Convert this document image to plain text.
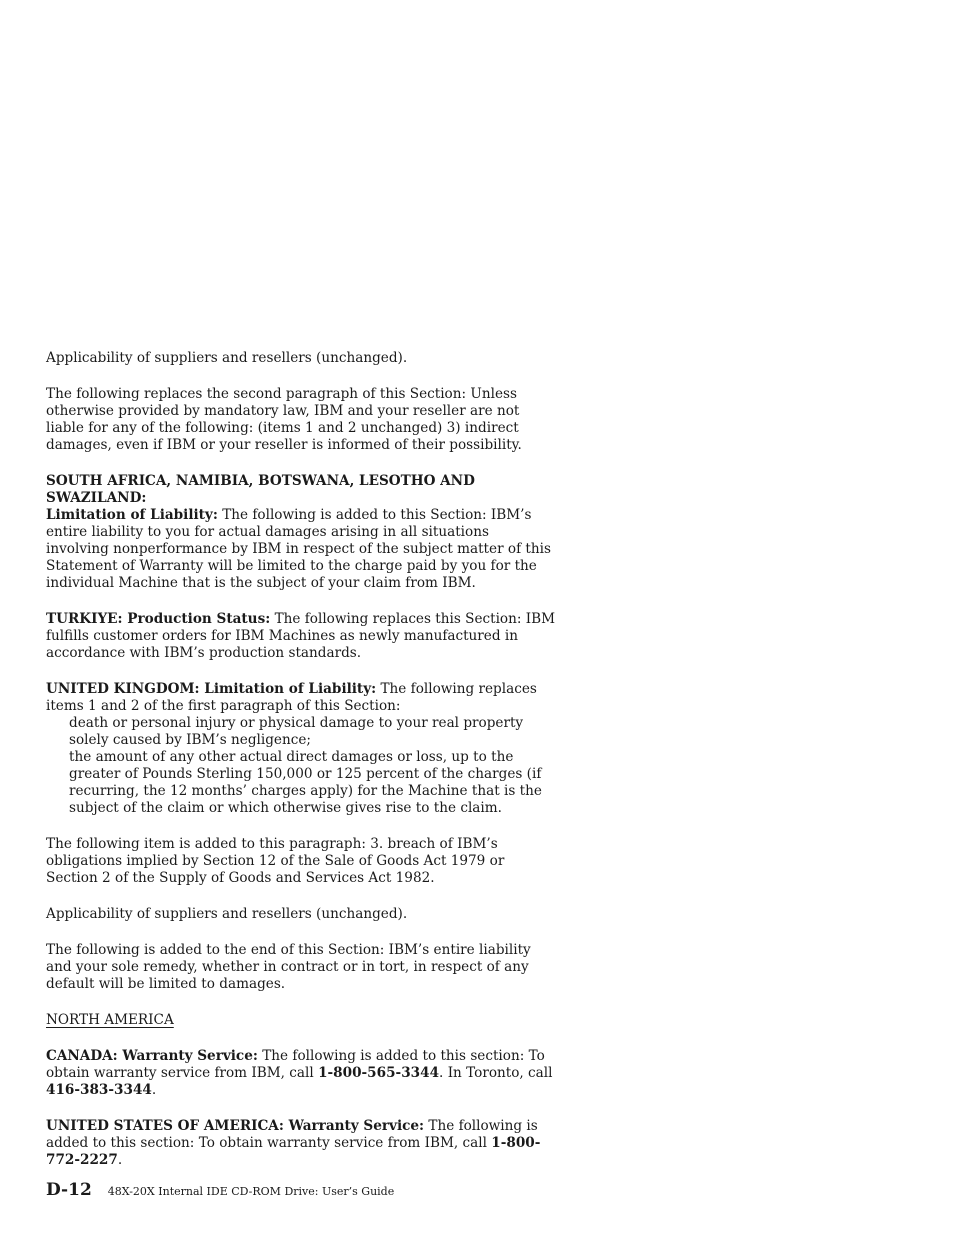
Applicability of suppliers and resellers (unchanged).

The following replaces the second paragraph of this Section: Unless otherwise provided by mandatory law, IBM and your reseller are not liable for any of the following: (items 1 and 2 unchanged) 3) indirect damages, even if IBM or your reseller is informed of their possibility.

SOUTH AFRICA, NAMIBIA, BOTSWANA, LESOTHO AND SWAZILAND:
Limitation of Liability: The following is added to this Section: IBM’s entire liability to you for actual damages arising in all situations involving nonperformance by IBM in respect of the subject matter of this Statement of Warranty will be limited to the charge paid by you for the individual Machine that is the subject of your claim from IBM.

TURKIYE: Production Status: The following replaces this Section: IBM fulfills customer orders for IBM Machines as newly manufactured in accordance with IBM’s production standards.

UNITED KINGDOM: Limitation of Liability: The following replaces items 1 and 2 of the first paragraph of this Section:
death or personal injury or physical damage to your real property solely caused by IBM’s negligence;
the amount of any other actual direct damages or loss, up to the greater of Pounds Sterling 150,000 or 125 percent of the charges (if recurring, the 12 months’ charges apply) for the Machine that is the subject of the claim or which otherwise gives rise to the claim.

The following item is added to this paragraph: 3. breach of IBM’s obligations implied by Section 12 of the Sale of Goods Act 1979 or Section 2 of the Supply of Goods and Services Act 1982.

Applicability of suppliers and resellers (unchanged).

The following is added to the end of this Section: IBM’s entire liability and your sole remedy, whether in contract or in tort, in respect of any default will be limited to damages.

NORTH AMERICA

CANADA: Warranty Service: The following is added to this section: To obtain warranty service from IBM, call 1-800-565-3344. In Toronto, call 416-383-3344.

UNITED STATES OF AMERICA: Warranty Service: The following is added to this section: To obtain warranty service from IBM, call 1-800-772-2227.

D-12 48X-20X Internal IDE CD-ROM Drive: User’s Guide
